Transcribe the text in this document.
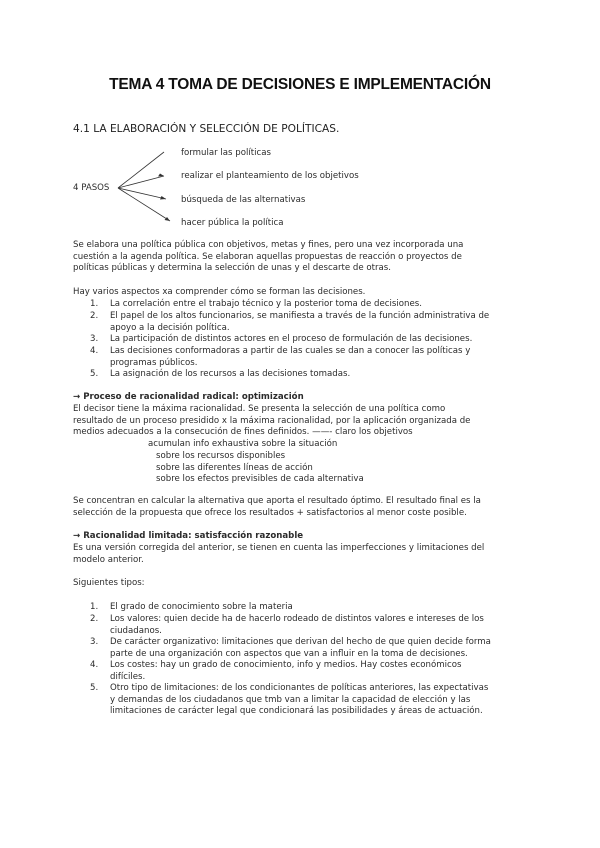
TEMA 4 TOMA DE DECISIONES E IMPLEMENTACIÓN
4.1 LA ELABORACIÓN Y SELECCIÓN DE POLÍTICAS.
4 PASOS
formular las políticas
realizar el planteamiento de los objetivos
búsqueda de las alternativas
hacer pública la política
Se elabora una política pública con objetivos, metas y fines, pero una vez incorporada una
cuestión a la agenda política. Se elaboran aquellas propuestas de reacción o proyectos de
políticas públicas y determina la selección de unas y el descarte de otras.
Hay varios aspectos xa comprender cómo se forman las decisiones.
1.	La correlación entre el trabajo técnico y la posterior toma de decisiones.
2.	El papel de los altos funcionarios, se manifiesta a través de la función administrativa de
apoyo a la decisión política.
3.	La participación de distintos actores en el proceso de formulación de las decisiones.
4.	Las decisiones conformadoras a partir de las cuales se dan a conocer las políticas y
programas públicos.
5.	La asignación de los recursos a las decisiones tomadas.
→ Proceso de racionalidad radical: optimización
El decisor tiene la máxima racionalidad. Se presenta la selección de una política como
resultado de un proceso presidido x la máxima racionalidad, por la aplicación organizada de
medios adecuados a la consecución de fines definidos. ——- claro los objetivos
acumulan info exhaustiva sobre la situación
sobre los recursos disponibles
sobre las diferentes líneas de acción
sobre los efectos previsibles de cada alternativa
Se concentran en calcular la alternativa que aporta el resultado óptimo. El resultado final es la
selección de la propuesta que ofrece los resultados + satisfactorios al menor coste posible.
→ Racionalidad limitada: satisfacción razonable
Es una versión corregida del anterior, se tienen en cuenta las imperfecciones y limitaciones del
modelo anterior.
Siguientes tipos:
1.	El grado de conocimiento sobre la materia
2.	Los valores: quien decide ha de hacerlo rodeado de distintos valores e intereses de los
ciudadanos.
3.	De carácter organizativo: limitaciones que derivan del hecho de que quien decide forma
parte de una organización con aspectos que van a influir en la toma de decisiones.
4.	Los costes: hay un grado de conocimiento, info y medios. Hay costes económicos
difíciles.
5.	Otro tipo de limitaciones: de los condicionantes de políticas anteriores, las expectativas
y demandas de los ciudadanos que tmb van a limitar la capacidad de elección y las
limitaciones de carácter legal que condicionará las posibilidades y áreas de actuación.
